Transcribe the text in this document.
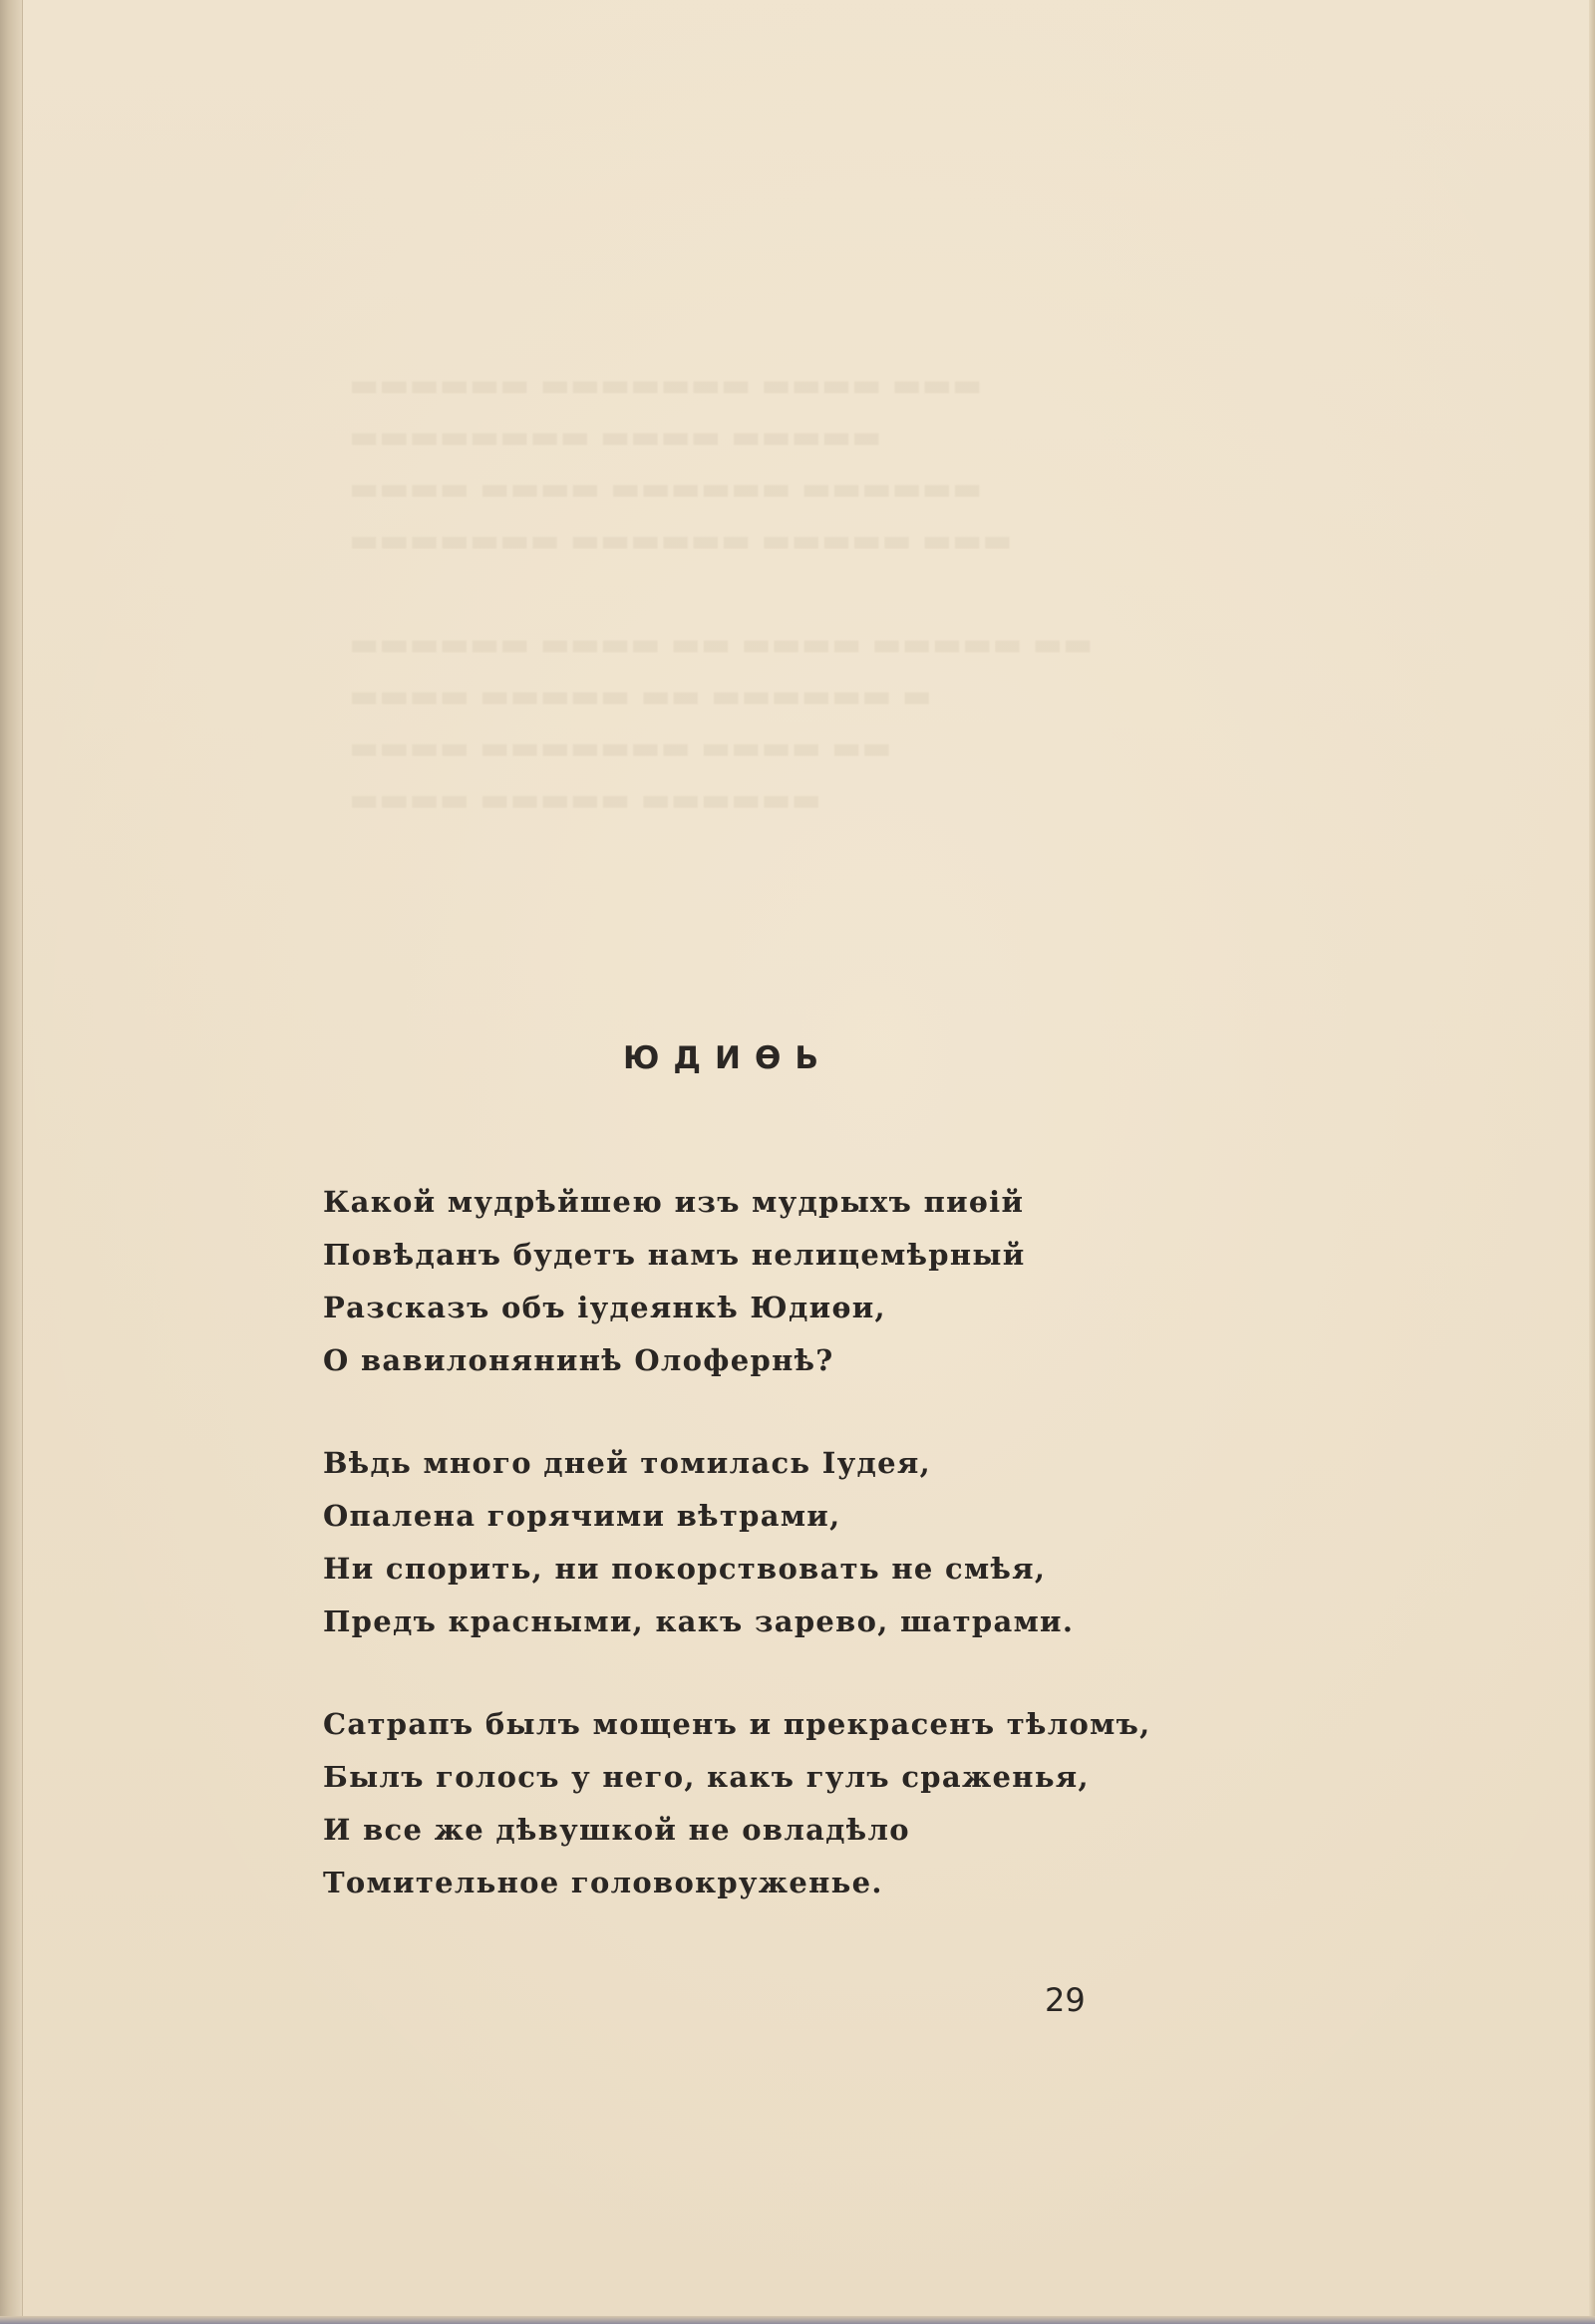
▬▬▬ ▬▬▬▬ ▬▬▬▬▬▬▬ ▬▬▬▬▬▬
▬▬▬▬▬ ▬▬▬▬ ▬▬▬▬▬▬▬▬
▬▬▬▬▬▬ ▬▬▬▬▬▬ ▬▬▬▬ ▬▬▬▬
▬▬▬ ▬▬▬▬▬ ▬▬▬▬▬▬ ▬▬▬▬▬▬▬
▬▬ ▬▬▬▬▬ ▬▬▬▬ ▬▬ ▬▬▬▬ ▬▬▬▬▬▬
▬ ▬▬▬▬▬▬ ▬▬ ▬▬▬▬▬ ▬▬▬▬
▬▬ ▬▬▬▬ ▬▬▬▬▬▬▬ ▬▬▬▬
▬▬▬▬▬▬ ▬▬▬▬▬ ▬▬▬▬
ЮДИѲЬ
Какой мудрѣйшею изъ мудрыхъ пиѳій
Повѣданъ будетъ намъ нелицемѣрный
Разсказъ объ іудеянкѣ Юдиѳи,
О вавилонянинѣ Олофернѣ?
Вѣдь много дней томилась Іудея,
Опалена горячими вѣтрами,
Ни спорить, ни покорствовать не смѣя,
Предъ красными, какъ зарево, шатрами.
Сатрапъ былъ мощенъ и прекрасенъ тѣломъ,
Былъ голосъ у него, какъ гулъ сраженья,
И все же дѣвушкой не овладѣло
Томительное головокруженье.
29
